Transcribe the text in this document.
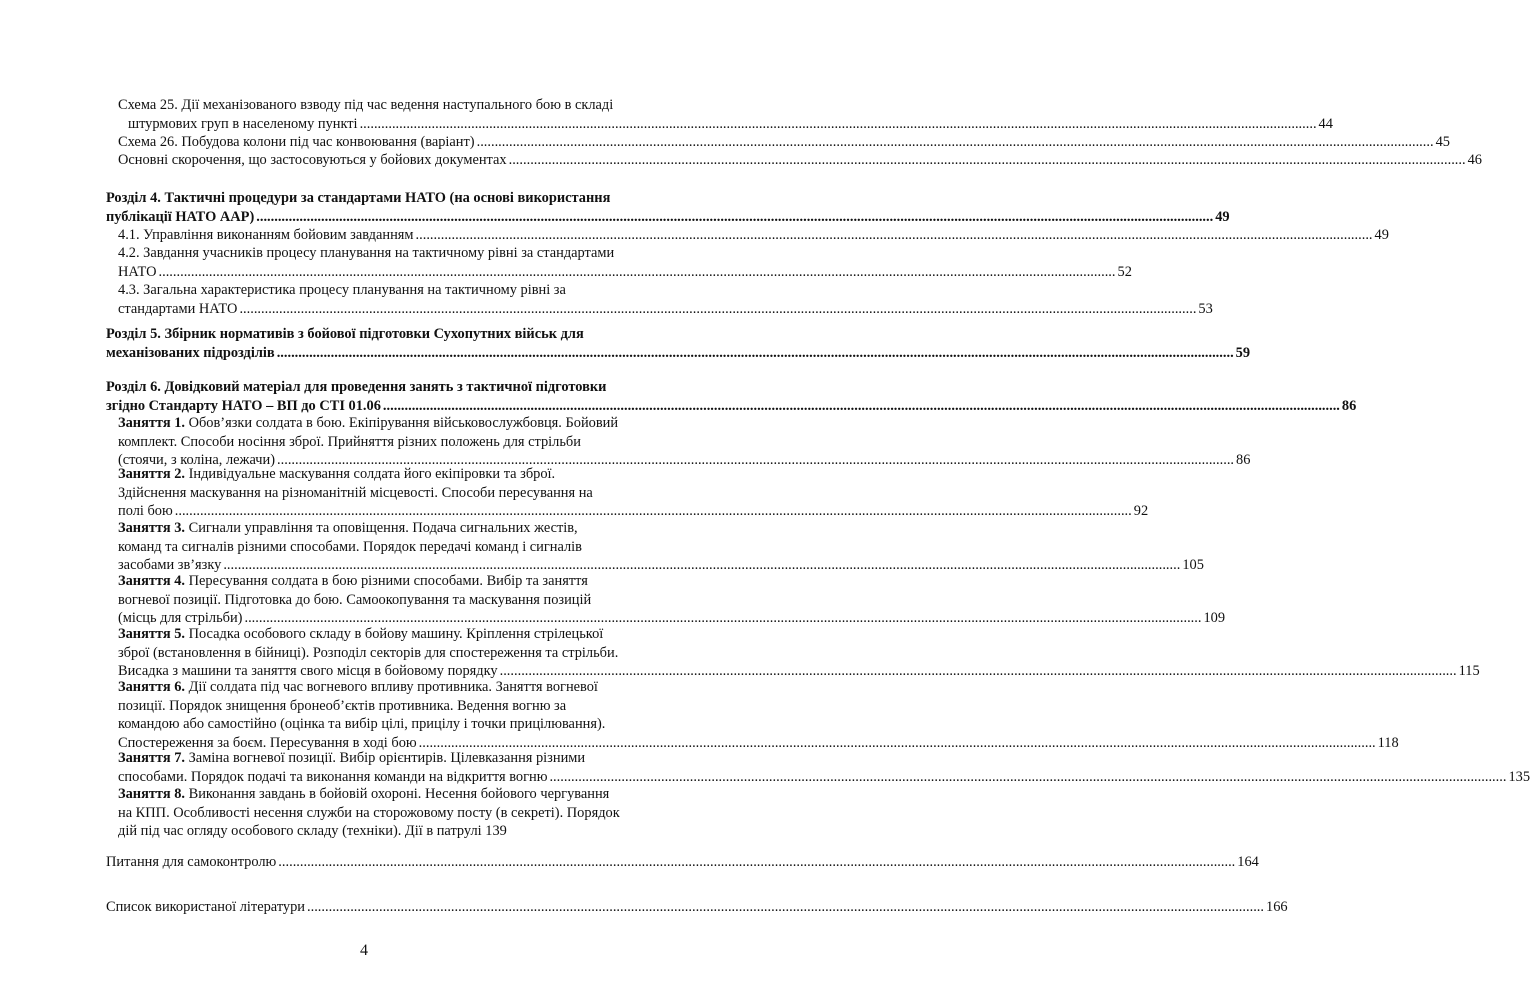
Схема 25. Дії механізованого взводу під час ведення наступального бою в складі
штурмових груп в населеному пункті .....	44
Схема 26. Побудова колони під час конвоювання (варіант) .....	45
Основні скорочення, що застосовуються у бойових документах .....	46
Розділ 4. Тактичні процедури за стандартами НАТО (на основі використання
публікації НАТО ААР) .....	49
4.1. Управління виконанням бойовим завданням .....	49
4.2. Завдання учасників процесу планування на тактичному рівні за стандартами
НАТО .....	52
4.3. Загальна характеристика процесу планування на тактичному рівні за
стандартами НАТО .....	53
Розділ 5. Збірник нормативів з бойової підготовки Сухопутних військ для
механізованих підрозділів .....	59
Розділ 6. Довідковий матеріал для проведення занять з тактичної підготовки
згідно Стандарту НАТО – ВП до СТІ 01.06 .....	86
Заняття 1. Обов’язки солдата в бою. Екіпірування військовослужбовця. Бойовий
комплект. Способи носіння зброї. Прийняття різних положень для стрільби
(стоячи, з коліна, лежачи) .....	86
Заняття 2. Індивідуальне маскування солдата його екіпіровки та зброї.
Здійснення маскування на різноманітній місцевості. Способи пересування на
полі бою .....	92
Заняття 3. Сигнали управління та оповіщення. Подача сигнальних жестів,
команд та сигналів різними способами. Порядок передачі команд і сигналів
засобами зв’язку .....	105
Заняття 4. Пересування солдата в бою різними способами. Вибір та заняття
вогневої позиції. Підготовка до бою. Самоокопування та маскування позицій
(місць для стрільби) .....	109
Заняття 5. Посадка особового складу в бойову машину. Кріплення стрілецької
зброї (встановлення в бійниці). Розподіл секторів для спостереження та стрільби.
Висадка з машини та заняття свого місця в бойовому порядку .....	115
Заняття 6. Дії солдата під час вогневого впливу противника. Заняття вогневої
позиції. Порядок знищення бронеоб’єктів противника. Ведення вогню за
командою або самостійно (оцінка та вибір цілі, прицілу і точки прицілювання).
Спостереження за боєм. Пересування в ході бою .....	118
Заняття 7. Заміна вогневої позиції. Вибір орієнтирів. Цілевказання різними
способами. Порядок подачі та виконання команди на відкриття вогню .....	135
Заняття 8. Виконання завдань в бойовій охороні. Несення бойового чергування
на КПП. Особливості несення служби на сторожовому посту (в секреті). Порядок
дій під час огляду особового складу (техніки). Дії в патрулі 139
Питання для самоконтролю .....	164
Список використаної літератури .....	166
4
